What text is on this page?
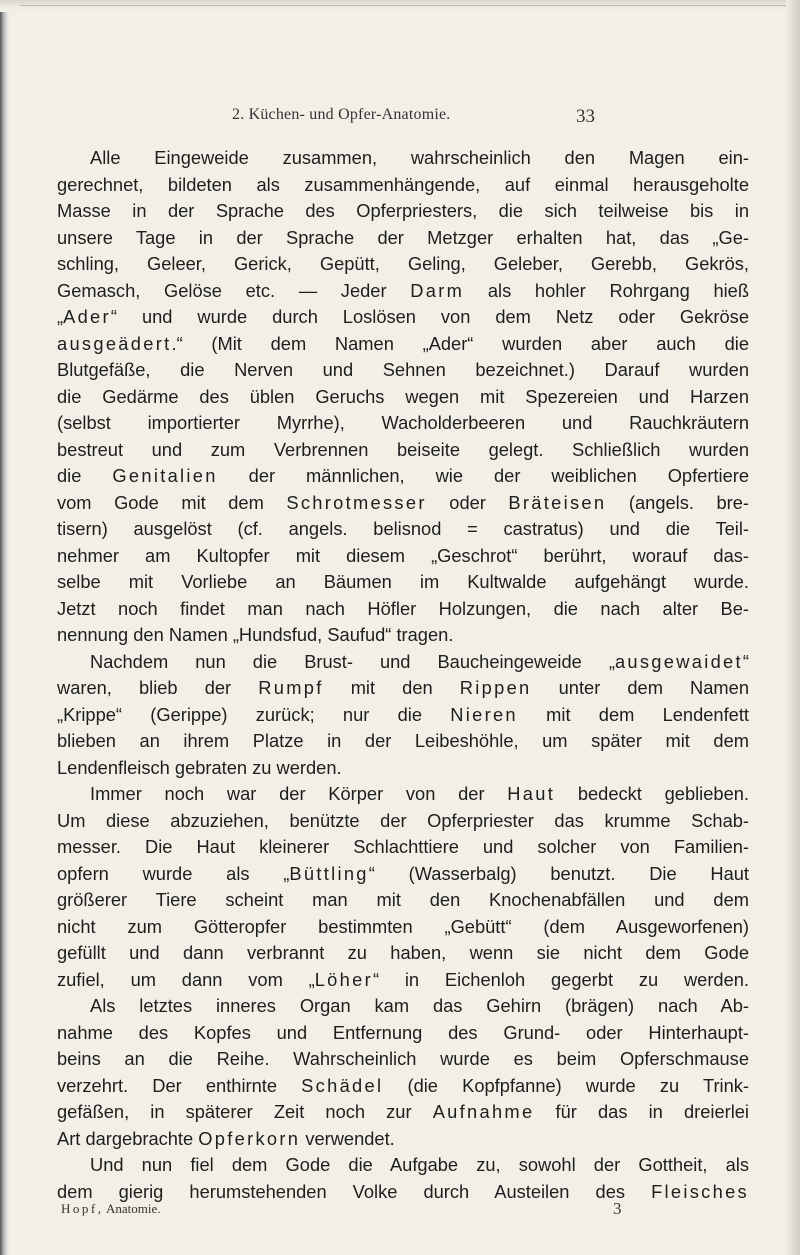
2. Küchen- und Opfer-Anatomie.	33
Alle Eingeweide zusammen, wahrscheinlich den Magen ein-
gerechnet, bildeten als zusammenhängende, auf einmal herausgeholte
Masse in der Sprache des Opferpriesters, die sich teilweise bis in
unsere Tage in der Sprache der Metzger erhalten hat, das „Ge-
schling, Geleer, Gerick, Gepütt, Geling, Geleber, Gerebb, Gekrös,
Gemasch, Gelöse etc. — Jeder Darm als hohler Rohrgang hieß
„Ader“ und wurde durch Loslösen von dem Netz oder Gekröse
ausgeädert.“ (Mit dem Namen „Ader“ wurden aber auch die
Blutgefäße, die Nerven und Sehnen bezeichnet.) Darauf wurden
die Gedärme des üblen Geruchs wegen mit Spezereien und Harzen
(selbst importierter Myrrhe), Wacholderbeeren und Rauchkräutern
bestreut und zum Verbrennen beiseite gelegt. Schließlich wurden
die Genitalien der männlichen, wie der weiblichen Opfertiere
vom Gode mit dem Schrotmesser oder Bräteisen (angels. bre-
tisern) ausgelöst (cf. angels. belisnod = castratus) und die Teil-
nehmer am Kultopfer mit diesem „Geschrot“ berührt, worauf das-
selbe mit Vorliebe an Bäumen im Kultwalde aufgehängt wurde.
Jetzt noch findet man nach Höfler Holzungen, die nach alter Be-
nennung den Namen „Hundsfud, Saufud“ tragen.
Nachdem nun die Brust- und Baucheingeweide „ausgewaidet“
waren, blieb der Rumpf mit den Rippen unter dem Namen
„Krippe“ (Gerippe) zurück; nur die Nieren mit dem Lendenfett
blieben an ihrem Platze in der Leibeshöhle, um später mit dem
Lendenfleisch gebraten zu werden.
Immer noch war der Körper von der Haut bedeckt geblieben.
Um diese abzuziehen, benützte der Opferpriester das krumme Schab-
messer. Die Haut kleinerer Schlachttiere und solcher von Familien-
opfern wurde als „Büttling“ (Wasserbalg) benutzt. Die Haut
größerer Tiere scheint man mit den Knochenabfällen und dem
nicht zum Götteropfer bestimmten „Gebütt“ (dem Ausgeworfenen)
gefüllt und dann verbrannt zu haben, wenn sie nicht dem Gode
zufiel, um dann vom „Löher“ in Eichenloh gegerbt zu werden.
Als letztes inneres Organ kam das Gehirn (brägen) nach Ab-
nahme des Kopfes und Entfernung des Grund- oder Hinterhaupt-
beins an die Reihe. Wahrscheinlich wurde es beim Opferschmause
verzehrt. Der enthirnte Schädel (die Kopfpfanne) wurde zu Trink-
gefäßen, in späterer Zeit noch zur Aufnahme für das in dreierlei
Art dargebrachte Opferkorn verwendet.
Und nun fiel dem Gode die Aufgabe zu, sowohl der Gottheit, als
dem gierig herumstehenden Volke durch Austeilen des Fleisches
Hopf, Anatomie.	3
